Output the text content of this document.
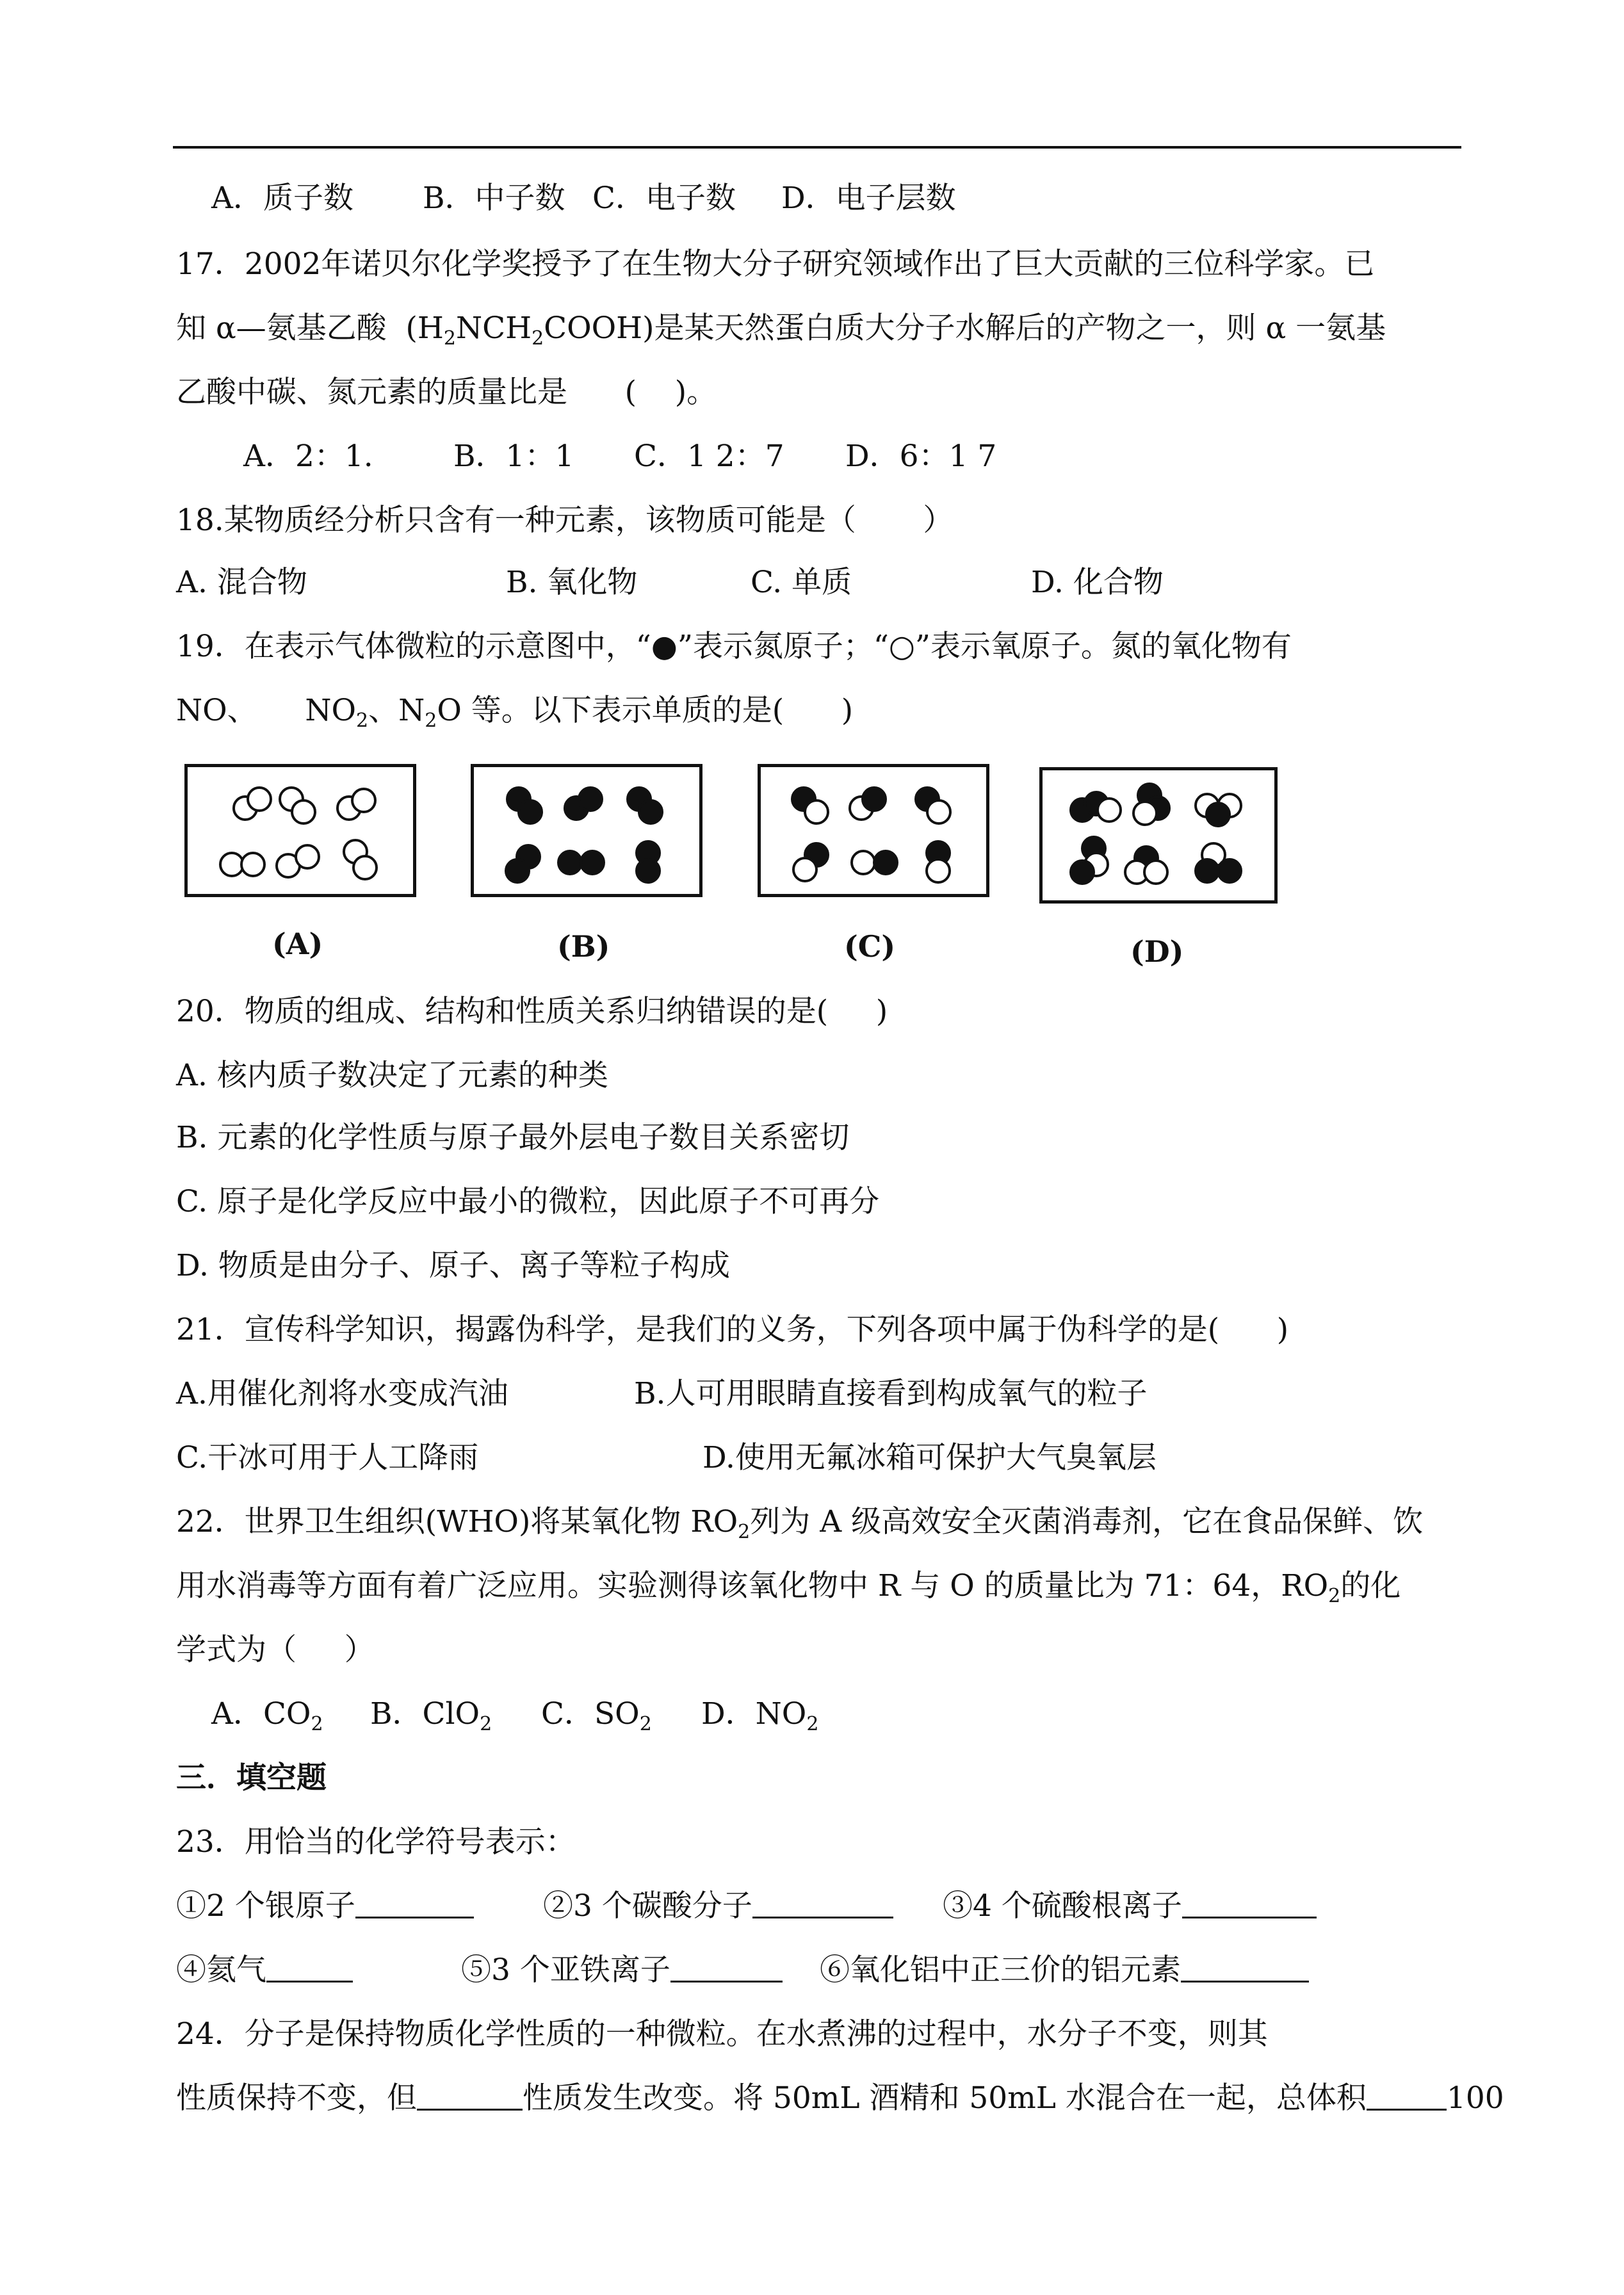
A．质子数 B．中子数 C．电子数 D．电子层数
17．2002年诺贝尔化学奖授予了在生物大分子研究领域作出了巨大贡献的三位科学家。已
知 α—氨基乙酸  $(H_2NCH_2COOH)$是某天然蛋白质大分子水解后的产物之一，则 α 一氨基
乙酸中碳、氮元素的质量比是      (    )。
A．2：1.	B．1：1 C．1 2：7 D．6：1 7
18.某物质经分析只含有一种元素，该物质可能是（       ）
A. 混合物	B. 氧化物	C. 单质	D. 化合物
19．在表示气体微粒的示意图中，“●”表示氮原子；“○”表示氧原子。氮的氧化物有
NO、     $NO_2$、$N_2O$ 等。以下表示单质的是(      )
(A)	(B)	(C)	(D)
20．物质的组成、结构和性质关系归纳错误的是(     )
A. 核内质子数决定了元素的种类
B. 元素的化学性质与原子最外层电子数目关系密切
C. 原子是化学反应中最小的微粒，因此原子不可再分
D. 物质是由分子、原子、离子等粒子构成
21．宣传科学知识，揭露伪科学，是我们的义务，下列各项中属于伪科学的是(      )
A.用催化剂将水变成汽油	B.人可用眼睛直接看到构成氧气的粒子
C.干冰可用于人工降雨	D.使用无氟冰箱可保护大气臭氧层
22．世界卫生组织(WHO)将某氧化物 $RO_2$列为 A 级高效安全灭菌消毒剂，它在食品保鲜、饮
用水消毒等方面有着广泛应用。实验测得该氧化物中 R 与 O 的质量比为 71：64，$RO_2$的化
学式为（     ）
A．$CO_2$ B．ClO$_2$ C．$SO_2$ D．$NO_2$
三．填空题
23．用恰当的化学符号表示：
①2 个银原子	②3 个碳酸分子	③4 个硫酸根离子
④氦气	⑤3 个亚铁离子	⑥氧化铝中正三价的铝元素
24．分子是保持物质化学性质的一种微粒。在水煮沸的过程中，水分子不变，则其
性质保持不变，但	性质发生改变。将 50mL 酒精和 50mL 水混合在一起，总体积	100
